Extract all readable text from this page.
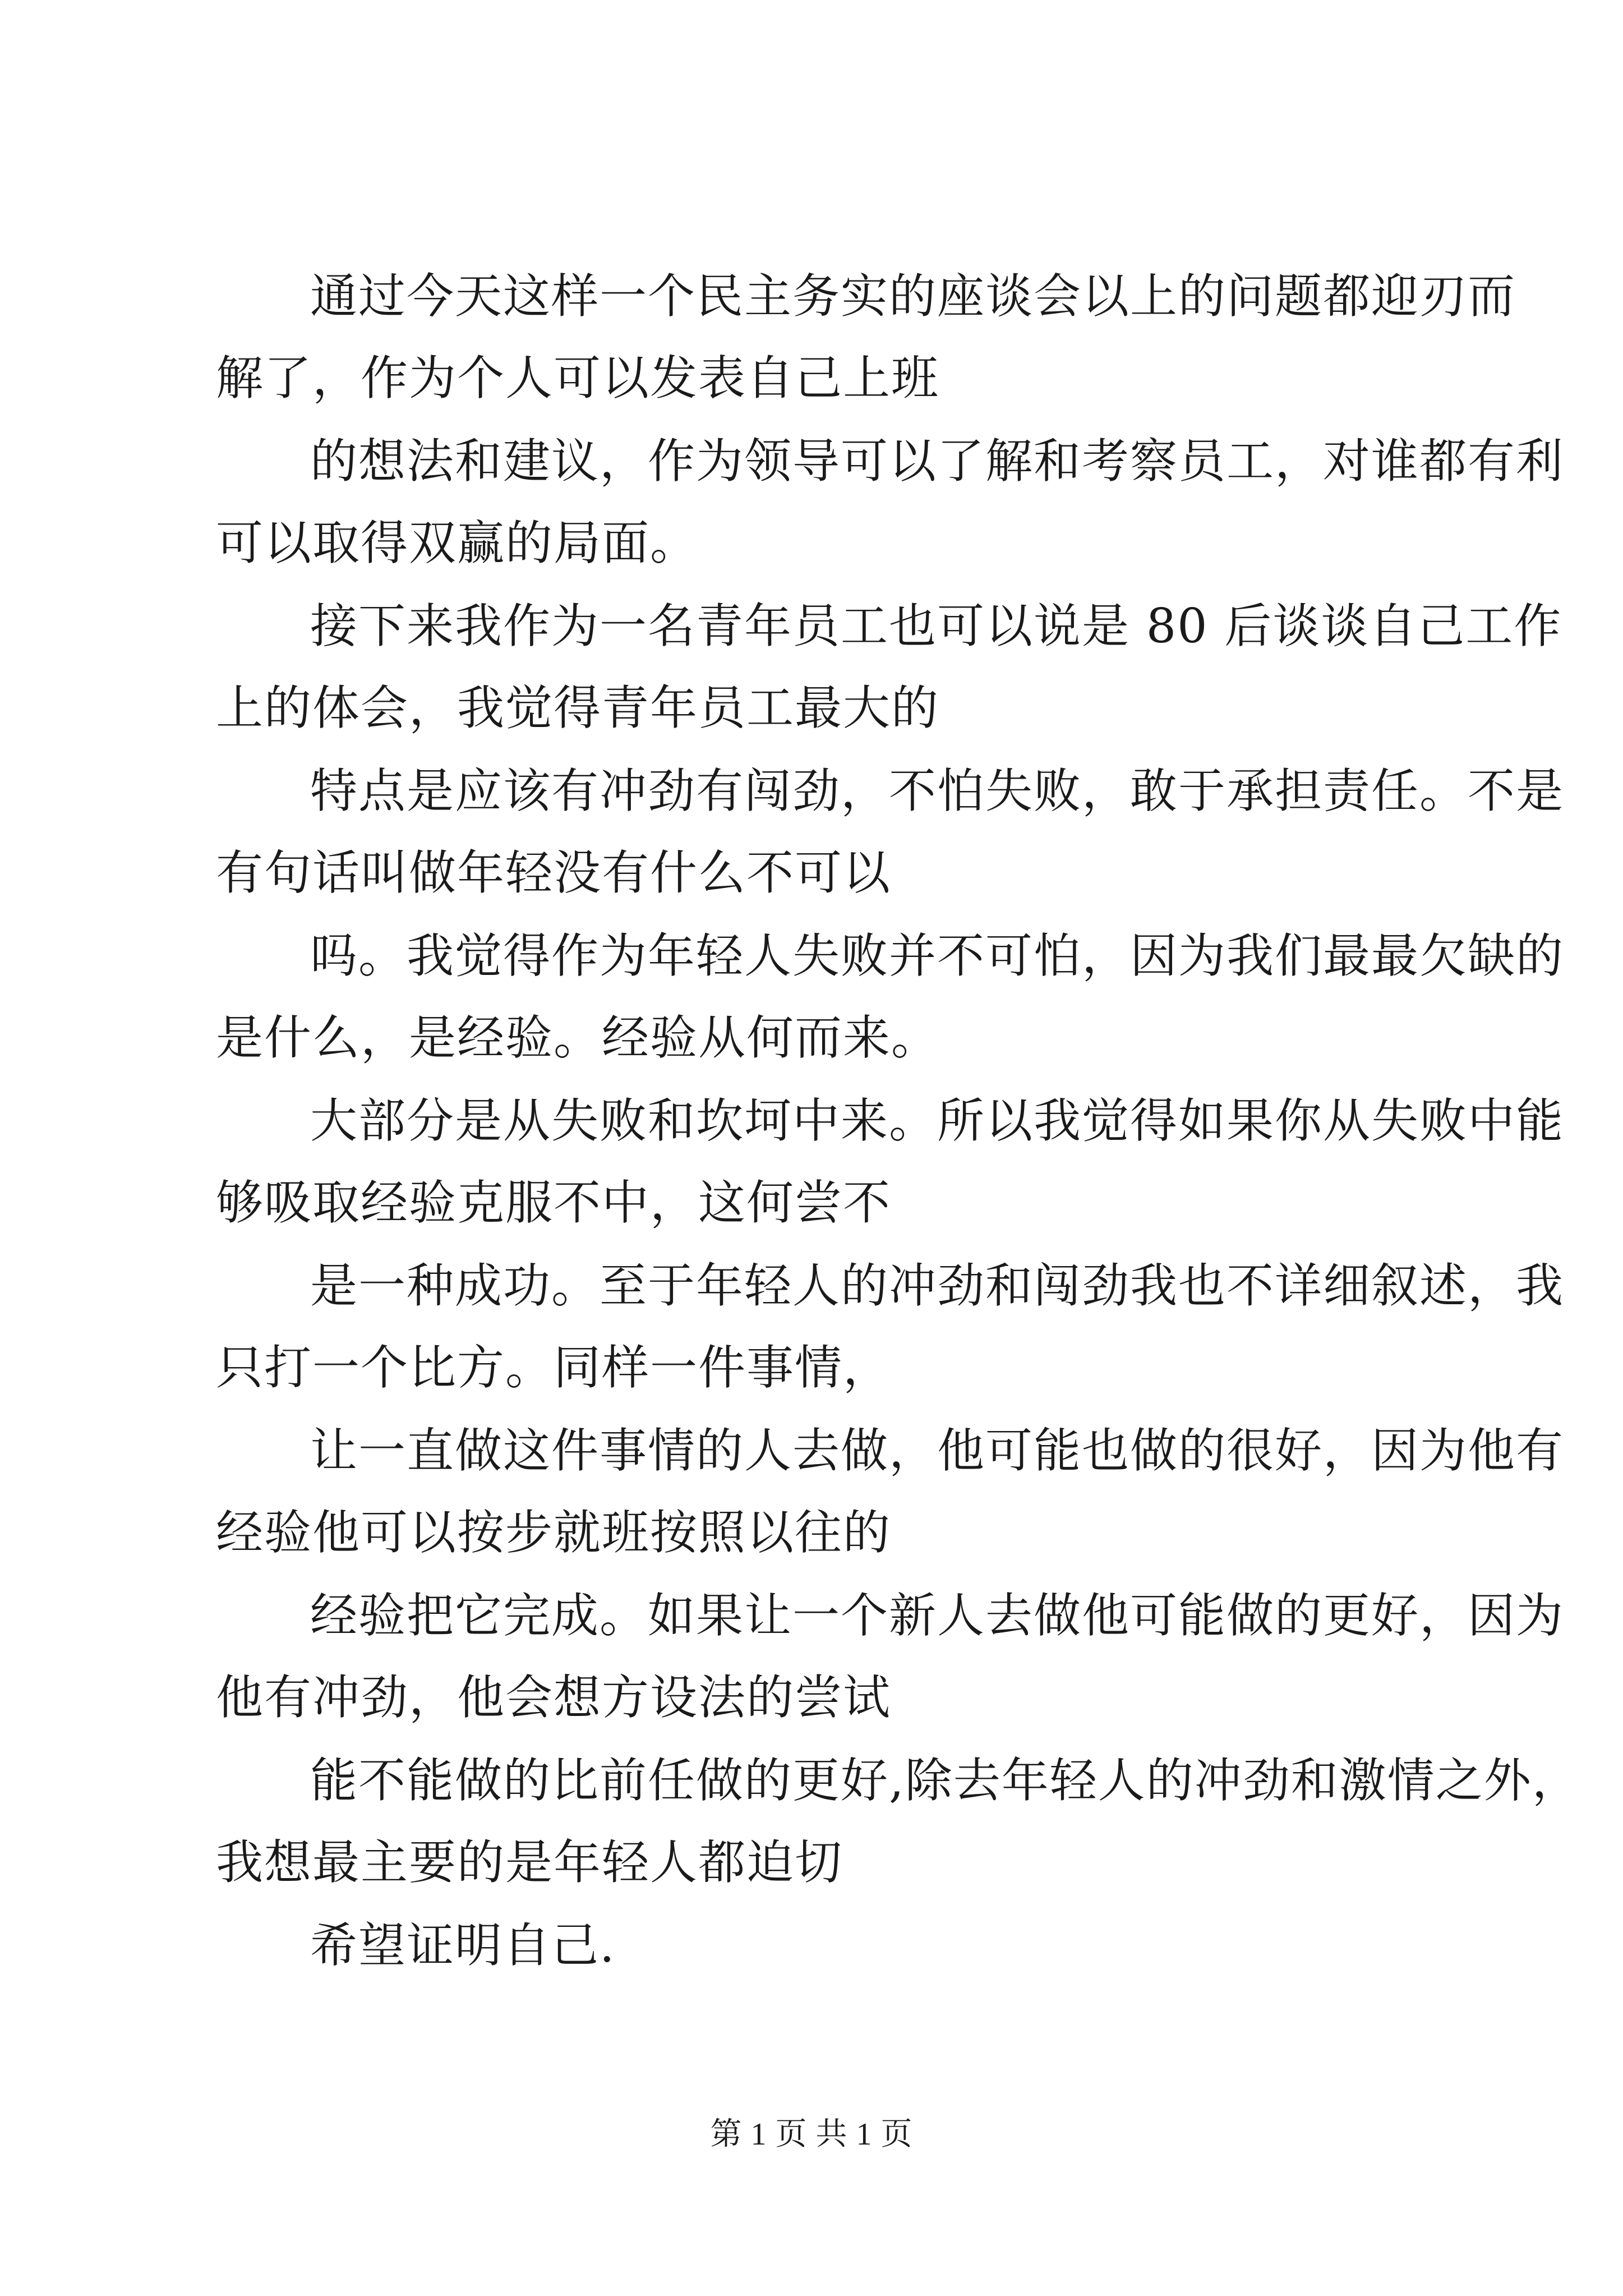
通过今天这样一个民主务实的座谈会以上的问题都迎刃而
解了，作为个人可以发表自己上班

的想法和建议，作为领导可以了解和考察员工，对谁都有利
可以取得双赢的局面。

接下来我作为一名青年员工也可以说是 80 后谈谈自己工作
上的体会，我觉得青年员工最大的

特点是应该有冲劲有闯劲，不怕失败，敢于承担责任。不是
有句话叫做年轻没有什么不可以

吗。我觉得作为年轻人失败并不可怕，因为我们最最欠缺的
是什么，是经验。经验从何而来。

大部分是从失败和坎坷中来。所以我觉得如果你从失败中能
够吸取经验克服不中，这何尝不

是一种成功。至于年轻人的冲劲和闯劲我也不详细叙述，我
只打一个比方。同样一件事情，

让一直做这件事情的人去做，他可能也做的很好，因为他有
经验他可以按步就班按照以往的

经验把它完成。如果让一个新人去做他可能做的更好，因为
他有冲劲，他会想方设法的尝试

能不能做的比前任做的更好,除去年轻人的冲劲和激情之外，
我想最主要的是年轻人都迫切

希望证明自己.

第 1 页 共 1 页
